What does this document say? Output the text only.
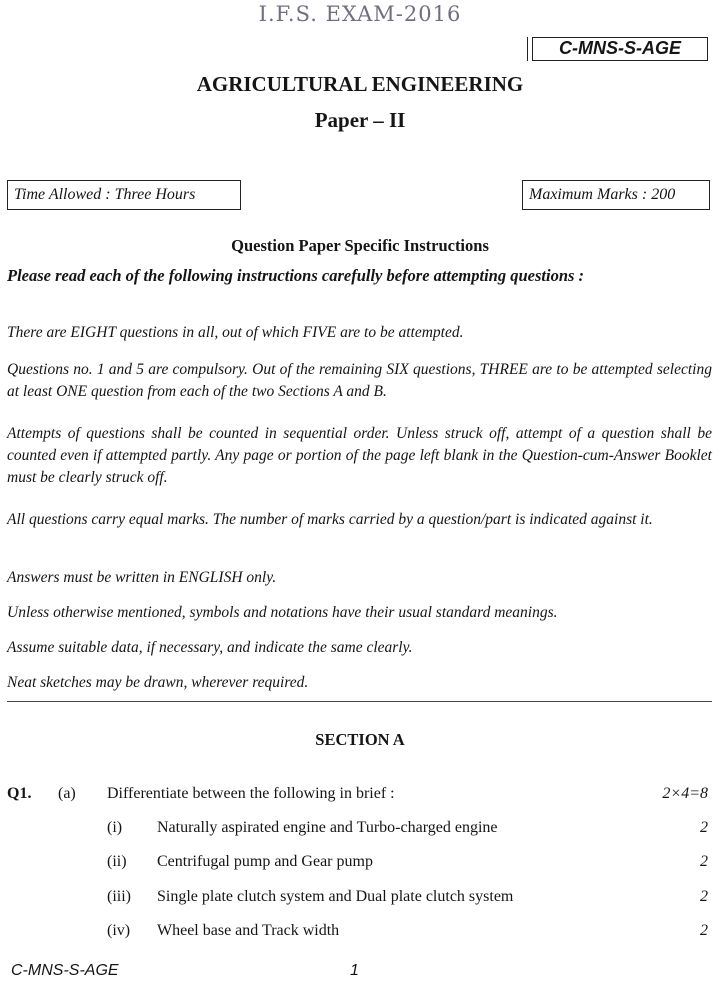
I.F.S. EXAM-2016
C-MNS-S-AGE
AGRICULTURAL ENGINEERING
Paper – II
Time Allowed : Three Hours	Maximum Marks : 200
Question Paper Specific Instructions
Please read each of the following instructions carefully before attempting questions :
There are EIGHT questions in all, out of which FIVE are to be attempted.
Questions no. 1 and 5 are compulsory. Out of the remaining SIX questions, THREE are to be attempted selecting at least ONE question from each of the two Sections A and B.
Attempts of questions shall be counted in sequential order. Unless struck off, attempt of a question shall be counted even if attempted partly. Any page or portion of the page left blank in the Question-cum-Answer Booklet must be clearly struck off.
All questions carry equal marks. The number of marks carried by a question/part is indicated against it.
Answers must be written in ENGLISH only.
Unless otherwise mentioned, symbols and notations have their usual standard meanings.
Assume suitable data, if necessary, and indicate the same clearly.
Neat sketches may be drawn, wherever required.
SECTION A
Q1. (a) Differentiate between the following in brief :	2×4=8
(i) Naturally aspirated engine and Turbo-charged engine	2
(ii) Centrifugal pump and Gear pump	2
(iii) Single plate clutch system and Dual plate clutch system	2
(iv) Wheel base and Track width	2
C-MNS-S-AGE	1
